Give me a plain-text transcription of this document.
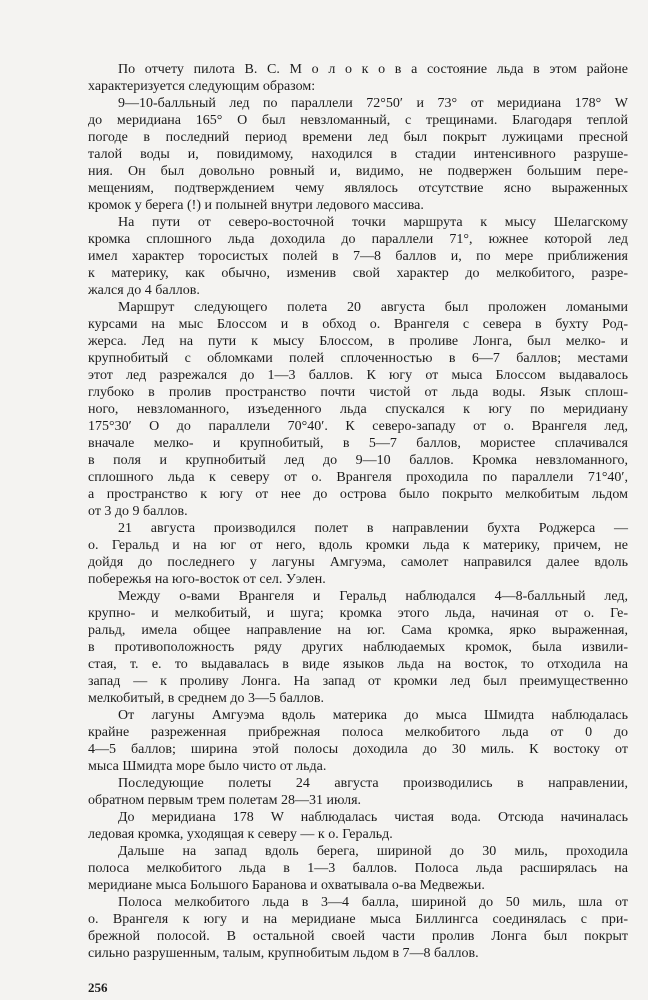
По отчету пилота В. С. М о л о к о в а состояние льда в этом районе
характеризуется следующим образом:
9—10-балльный лед по параллели 72°50′ и 73° от меридиана 178° W
до меридиана 165° О был невзломанный, с трещинами. Благодаря теплой
погоде в последний период времени лед был покрыт лужицами пресной
талой воды и, повидимому, находился в стадии интенсивного разруше-
ния. Он был довольно ровный и, видимо, не подвержен большим пере-
мещениям, подтверждением чему являлось отсутствие ясно выраженных
кромок у берега (!) и полыней внутри ледового массива.
На пути от северо-восточной точки маршрута к мысу Шелагскому
кромка сплошного льда доходила до параллели 71°, южнее которой лед
имел характер торосистых полей в 7—8 баллов и, по мере приближения
к материку, как обычно, изменив свой характер до мелкобитого, разре-
жался до 4 баллов.
Маршрут следующего полета 20 августа был проложен ломаными
курсами на мыс Блоссом и в обход о. Врангеля с севера в бухту Род-
жерса. Лед на пути к мысу Блоссом, в проливе Лонга, был мелко- и
крупнобитый с обломками полей сплоченностью в 6—7 баллов; местами
этот лед разрежался до 1—3 баллов. К югу от мыса Блоссом выдавалось
глубоко в пролив пространство почти чистой от льда воды. Язык сплош-
ного, невзломанного, изъеденного льда спускался к югу по меридиану
175°30′ О до параллели 70°40′. К северо-западу от о. Врангеля лед,
вначале мелко- и крупнобитый, в 5—7 баллов, мористее сплачивался
в поля и крупнобитый лед до 9—10 баллов. Кромка невзломанного,
сплошного льда к северу от о. Врангеля проходила по параллели 71°40′,
а пространство к югу от нее до острова было покрыто мелкобитым льдом
от 3 до 9 баллов.
21 августа производился полет в направлении бухта Роджерса —
о. Геральд и на юг от него, вдоль кромки льда к материку, причем, не
дойдя до последнего у лагуны Амгуэма, самолет направился далее вдоль
побережья на юго-восток от сел. Уэлен.
Между о-вами Врангеля и Геральд наблюдался 4—8-балльный лед,
крупно- и мелкобитый, и шуга; кромка этого льда, начиная от о. Ге-
ральд, имела общее направление на юг. Сама кромка, ярко выраженная,
в противоположность ряду других наблюдаемых кромок, была извили-
стая, т. е. то выдавалась в виде языков льда на восток, то отходила на
запад — к проливу Лонга. На запад от кромки лед был преимущественно
мелкобитый, в среднем до 3—5 баллов.
От лагуны Амгуэма вдоль материка до мыса Шмидта наблюдалась
крайне разреженная прибрежная полоса мелкобитого льда от 0 до
4—5 баллов; ширина этой полосы доходила до 30 миль. К востоку от
мыса Шмидта море было чисто от льда.
Последующие полеты 24 августа производились в направлении,
обратном первым трем полетам 28—31 июля.
До меридиана 178 W наблюдалась чистая вода. Отсюда начиналась
ледовая кромка, уходящая к северу — к о. Геральд.
Дальше на запад вдоль берега, шириной до 30 миль, проходила
полоса мелкобитого льда в 1—3 баллов. Полоса льда расширялась на
меридиане мыса Большого Баранова и охватывала о-ва Медвежьи.
Полоса мелкобитого льда в 3—4 балла, шириной до 50 миль, шла от
о. Врангеля к югу и на меридиане мыса Биллингса соединялась с при-
брежной полосой. В остальной своей части пролив Лонга был покрыт
сильно разрушенным, талым, крупнобитым льдом в 7—8 баллов.
256
